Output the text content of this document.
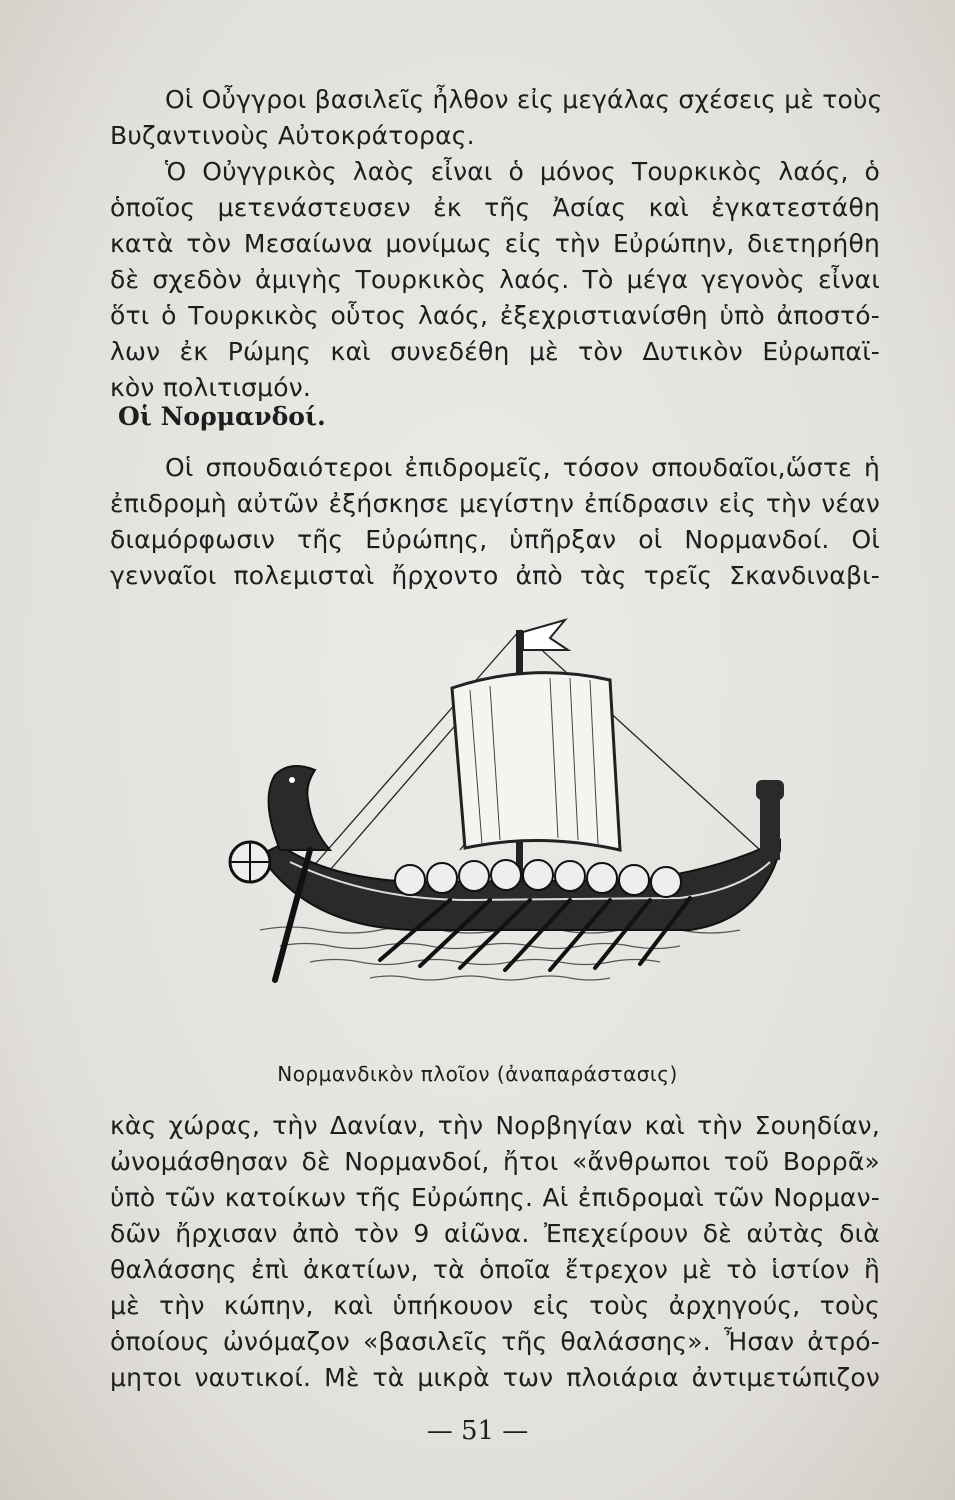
Οἱ Οὖγγροι βασιλεῖς ἦλθον εἰς μεγάλας σχέσεις μὲ τοὺς
Βυζαντινοὺς Αὐτοκράτορας.
Ὁ Οὐγγρικὸς λαὸς εἶναι ὁ μόνος Τουρκικὸς λαός, ὁ
ὁποῖος μετενάστευσεν ἐκ τῆς Ἀσίας καὶ ἐγκατεστάθη
κατὰ τὸν Μεσαίωνα μονίμως εἰς τὴν Εὐρώπην, διετηρήθη
δὲ σχεδὸν ἀμιγὴς Τουρκικὸς λαός. Τὸ μέγα γεγονὸς εἶναι
ὅτι ὁ Τουρκικὸς οὗτος λαός, ἐξεχριστιανίσθη ὑπὸ ἀποστό-
λων ἐκ Ρώμης καὶ συνεδέθη μὲ τὸν Δυτικὸν Εὐρωπαϊ-
κὸν πολιτισμόν.
Οἱ Νορμανδοί.
Οἱ σπουδαιότεροι ἐπιδρομεῖς, τόσον σπουδαῖοι,ὥστε ἡ
ἐπιδρομὴ αὐτῶν ἐξήσκησε μεγίστην ἐπίδρασιν εἰς τὴν νέαν
διαμόρφωσιν τῆς Εὐρώπης, ὑπῆρξαν οἱ Νορμανδοί. Οἱ
γενναῖοι πολεμισταὶ ἤρχοντο ἀπὸ τὰς τρεῖς Σκανδιναβι-
Νορμανδικὸν πλοῖον (ἀναπαράστασις)
κὰς χώρας, τὴν Δανίαν, τὴν Νορβηγίαν καὶ τὴν Σουηδίαν,
ὠνομάσθησαν δὲ Νορμανδοί, ἤτοι «ἄνθρωποι τοῦ Βορρᾶ»
ὑπὸ τῶν κατοίκων τῆς Εὐρώπης. Αἱ ἐπιδρομαὶ τῶν Νορμαν-
δῶν ἤρχισαν ἀπὸ τὸν 9 αἰῶνα. Ἐπεχείρουν δὲ αὐτὰς διὰ
θαλάσσης ἐπὶ ἀκατίων, τὰ ὁποῖα ἔτρεχον μὲ τὸ ἱστίον ἢ
μὲ τὴν κώπην, καὶ ὑπήκουον εἰς τοὺς ἀρχηγούς, τοὺς
ὁποίους ὠνόμαζον «βασιλεῖς τῆς θαλάσσης». Ἦσαν ἀτρό-
μητοι ναυτικοί. Μὲ τὰ μικρὰ των πλοιάρια ἀντιμετώπιζον
— 51 —
